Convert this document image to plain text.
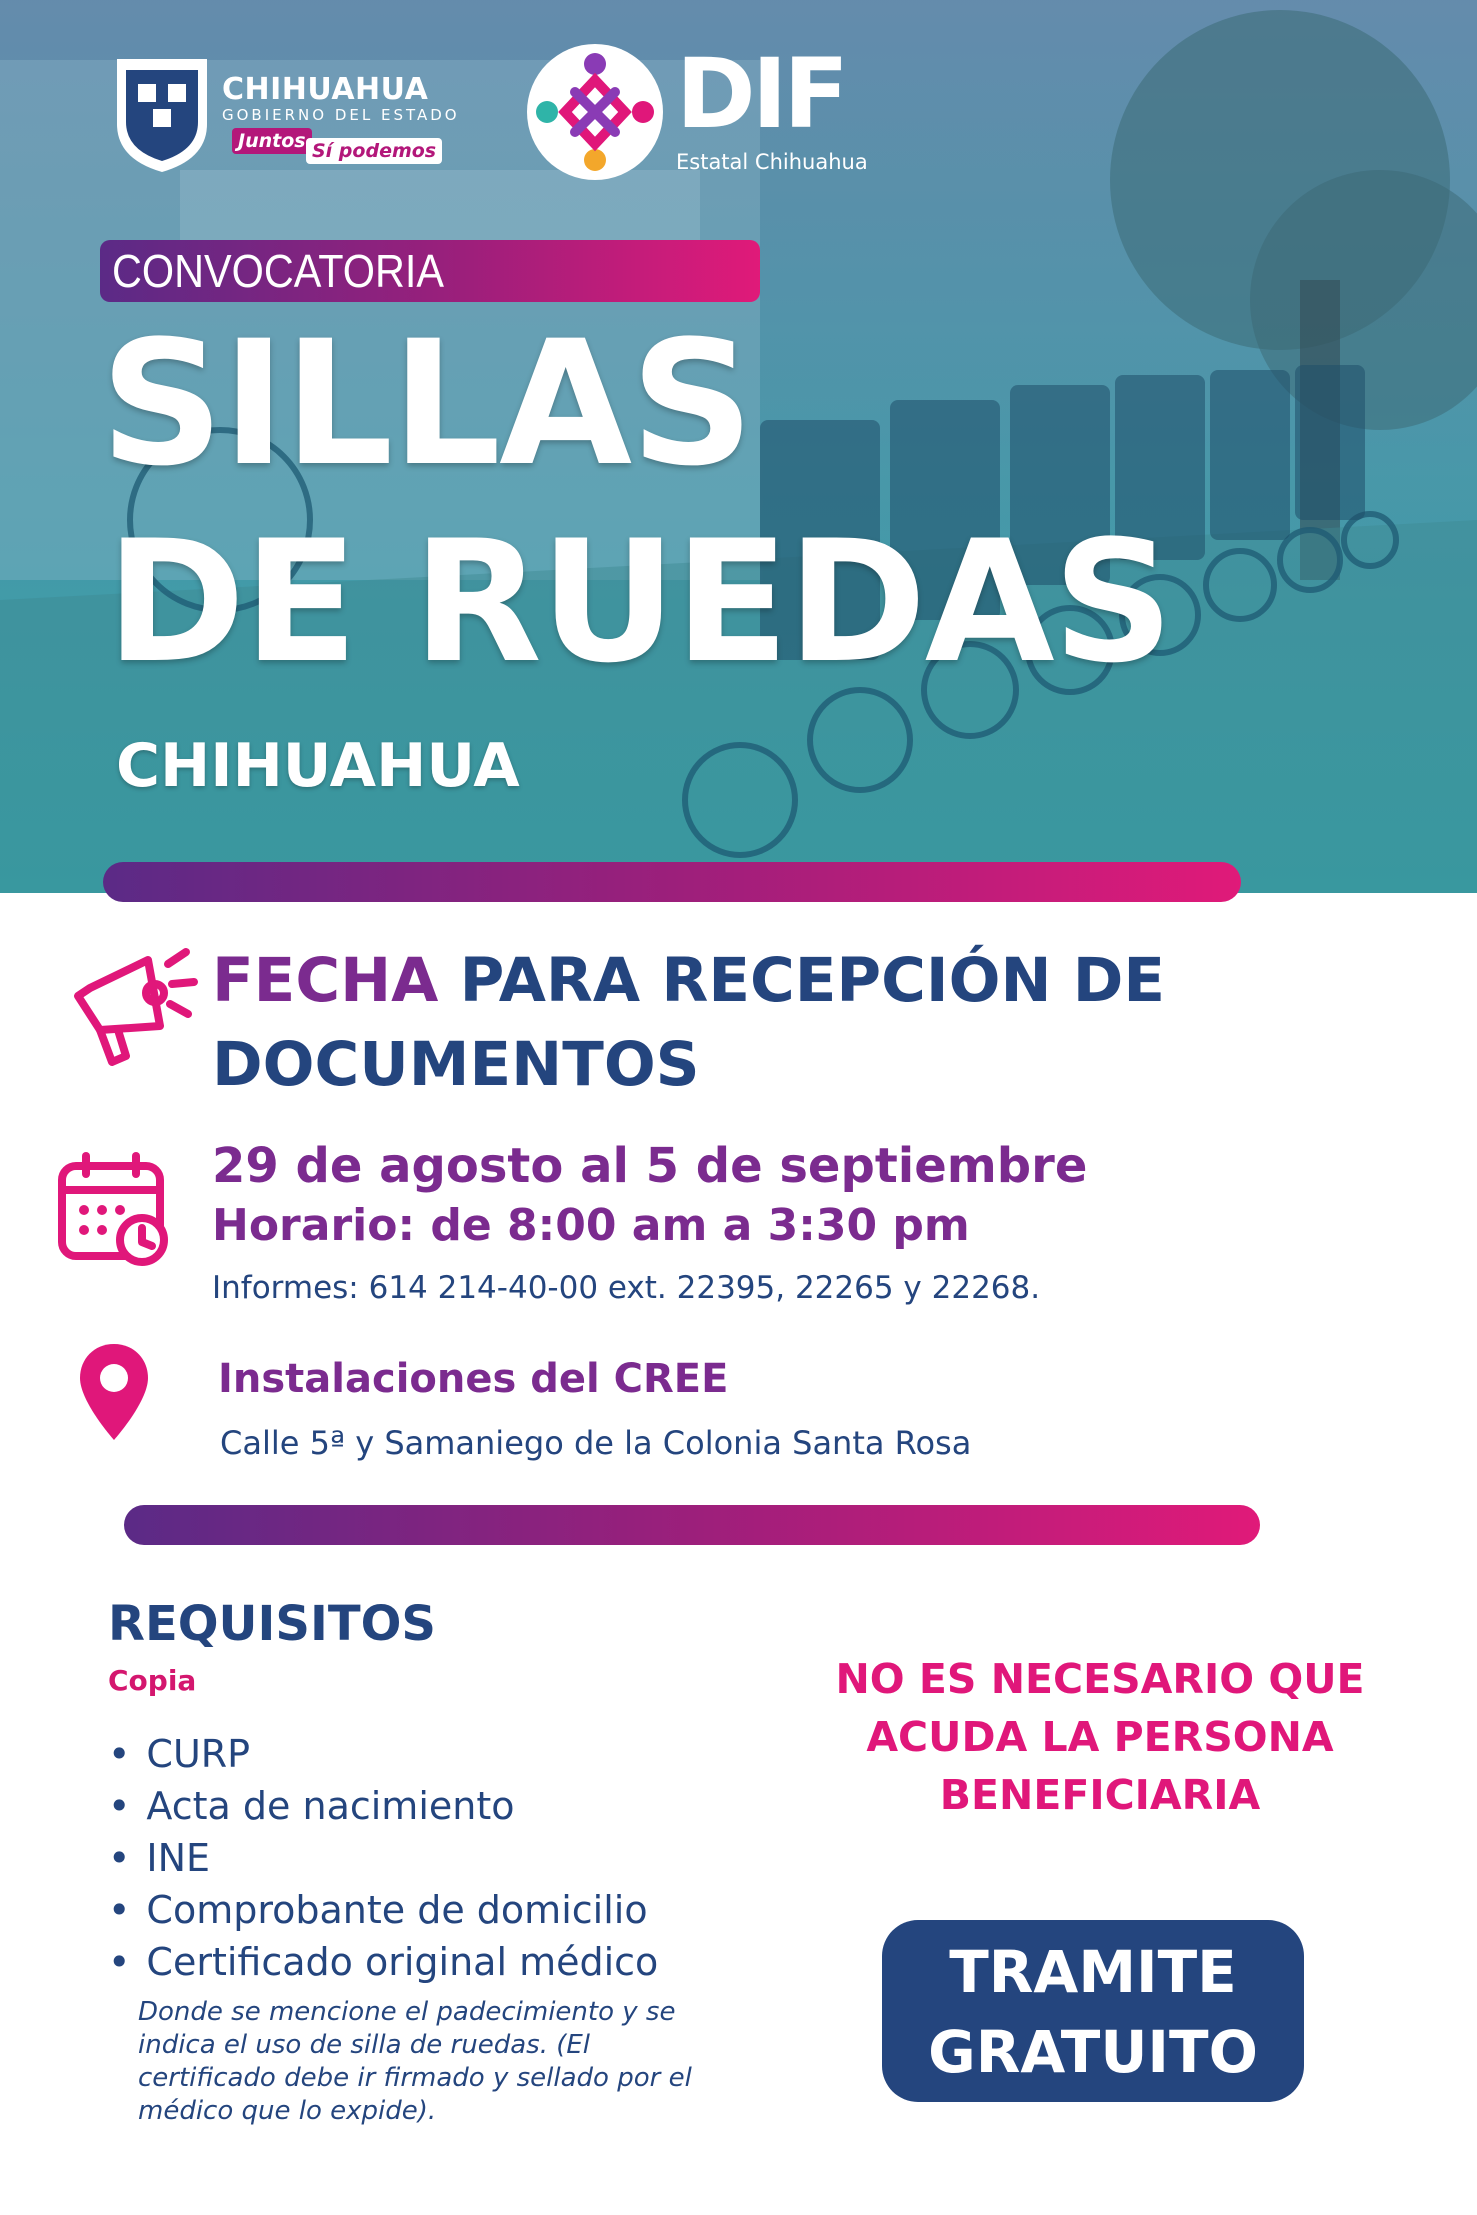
CHIHUAHUA
GOBIERNO DEL ESTADO
Juntos Sí podemos
DIF
Estatal Chihuahua
CONVOCATORIA
SILLAS
DE RUEDAS
CHIHUAHUA
FECHA PARA RECEPCIÓN DE
DOCUMENTOS
29 de agosto al 5 de septiembre
Horario: de 8:00 am a 3:30 pm
Informes: 614 214-40-00 ext. 22395, 22265 y 22268.
Instalaciones del CREE
Calle 5ª y Samaniego de la Colonia Santa Rosa
REQUISITOS
Copia
• CURP
• Acta de nacimiento
• INE
• Comprobante de domicilio
• Certificado original médico
Donde se mencione el padecimiento y se indica el uso de silla de ruedas. (El certificado debe ir firmado y sellado por el médico que lo expide).
NO ES NECESARIO QUE ACUDA LA PERSONA BENEFICIARIA
TRAMITE
GRATUITO
